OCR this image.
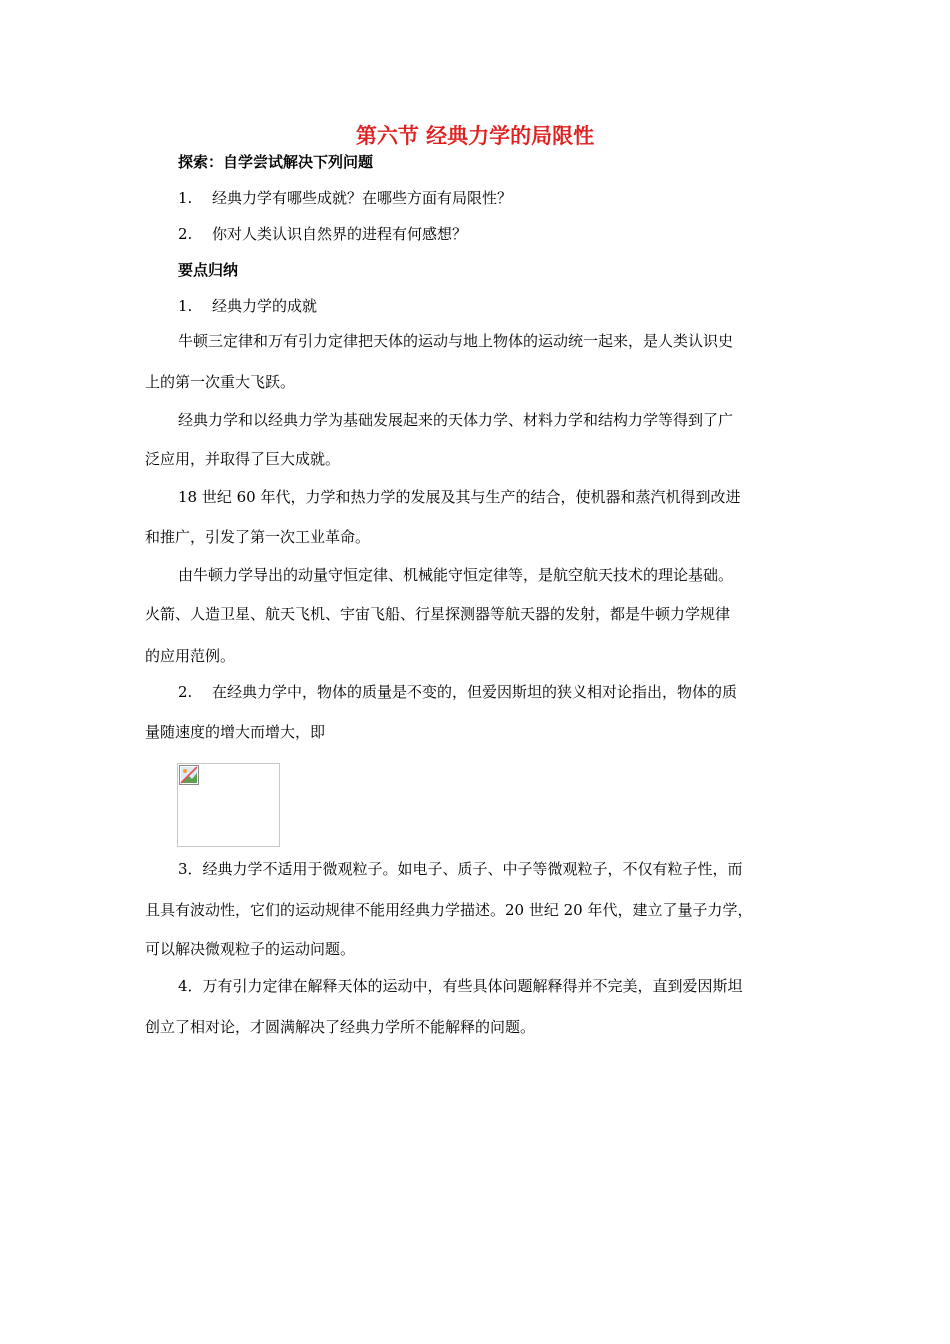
第六节 经典力学的局限性
探索：自学尝试解决下列问题
1. 经典力学有哪些成就？在哪些方面有局限性？
2. 你对人类认识自然界的进程有何感想？
要点归纳
1. 经典力学的成就
牛顿三定律和万有引力定律把天体的运动与地上物体的运动统一起来，是人类认识史
上的第一次重大飞跃。
经典力学和以经典力学为基础发展起来的天体力学、材料力学和结构力学等得到了广
泛应用，并取得了巨大成就。
18 世纪 60 年代，力学和热力学的发展及其与生产的结合，使机器和蒸汽机得到改进
和推广，引发了第一次工业革命。
由牛顿力学导出的动量守恒定律、机械能守恒定律等，是航空航天技术的理论基础。
火箭、人造卫星、航天飞机、宇宙飞船、行星探测器等航天器的发射，都是牛顿力学规律
的应用范例。
2. 在经典力学中，物体的质量是不变的，但爱因斯坦的狭义相对论指出，物体的质
量随速度的增大而增大，即
3．经典力学不适用于微观粒子。如电子、质子、中子等微观粒子，不仅有粒子性，而
且具有波动性，它们的运动规律不能用经典力学描述。20 世纪 20 年代，建立了量子力学，
可以解决微观粒子的运动问题。
4．万有引力定律在解释天体的运动中，有些具体问题解释得并不完美，直到爱因斯坦
创立了相对论，才圆满解决了经典力学所不能解释的问题。
